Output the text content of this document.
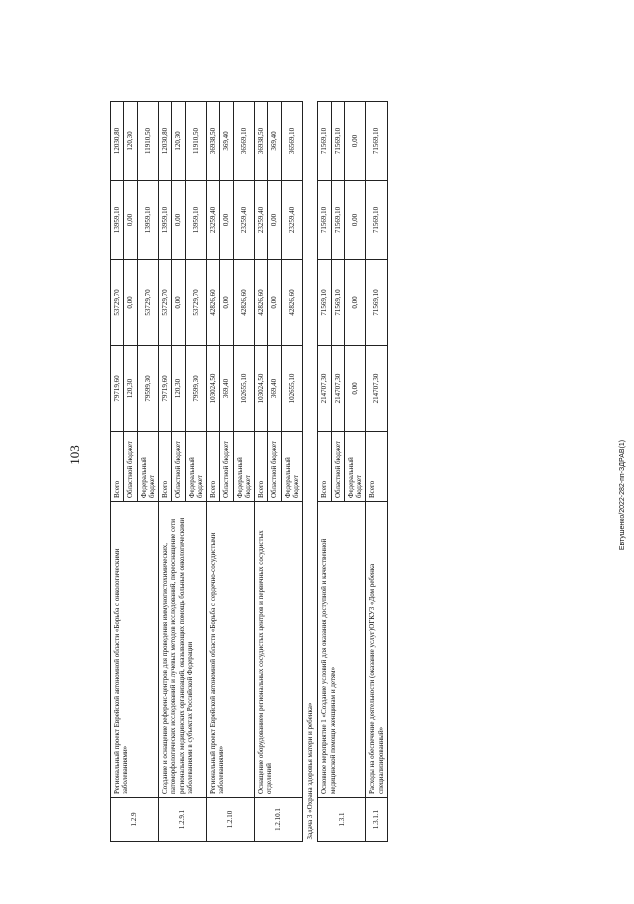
103	Евтушенко/2022-282-пп-ЗДРАВ(1)
1.2.9	Региональный проект Еврейской автономной области «Борьба с онкологическими заболеваниями»	Всего	79719,60	53729,70	13959,10	12030,80
		Областной бюджет	120,30	0,00	0,00	120,30
		Федеральный бюджет	79599,30	53729,70	13959,10	11910,50
1.2.9.1	Создание и оснащение референс-центров для проведения иммуногистохимических, патоморфологических исследований и лучевых методов исследований, переоснащение сети региональных медицинских организаций, оказывающих помощь больным онкологическими заболеваниями в субъектах Российской Федерации	Всего	79719,60	53729,70	13959,10	12030,80
		Областной бюджет	120,30	0,00	0,00	120,30
		Федеральный бюджет	79599,30	53729,70	13959,10	11910,50
1.2.10	Региональный проект Еврейской автономной области «Борьба с сердечно-сосудистыми заболеваниями»	Всего	103024,50	42826,60	23259,40	36938,50
		Областной бюджет	369,40	0,00	0,00	369,40
		Федеральный бюджет	102655,10	42826,60	23259,40	36569,10
1.2.10.1	Оснащение оборудованием региональных сосудистых центров и первичных сосудистых отделений	Всего	103024,50	42826,60	23259,40	36938,50
		Областной бюджет	369,40	0,00	0,00	369,40
		Федеральный бюджет	102655,10	42826,60	23259,40	36569,10

Задача 3 «Охрана здоровья матери и ребенка»						

1.3.1	Основное мероприятие 1 «Создание условий для оказания доступной и качественной медицинской помощи женщинам и детям»	Всего	214707,30	71569,10	71569,10	71569,10
		Областной бюджет	214707,30	71569,10	71569,10	71569,10
		Федеральный бюджет	0,00	0,00	0,00	0,00
1.3.1.1	Расходы на обеспечение деятельности (оказание услуг)ОГКУЗ «Дом ребенка специализированный»	Всего	214707,30	71569,10	71569,10	71569,10
